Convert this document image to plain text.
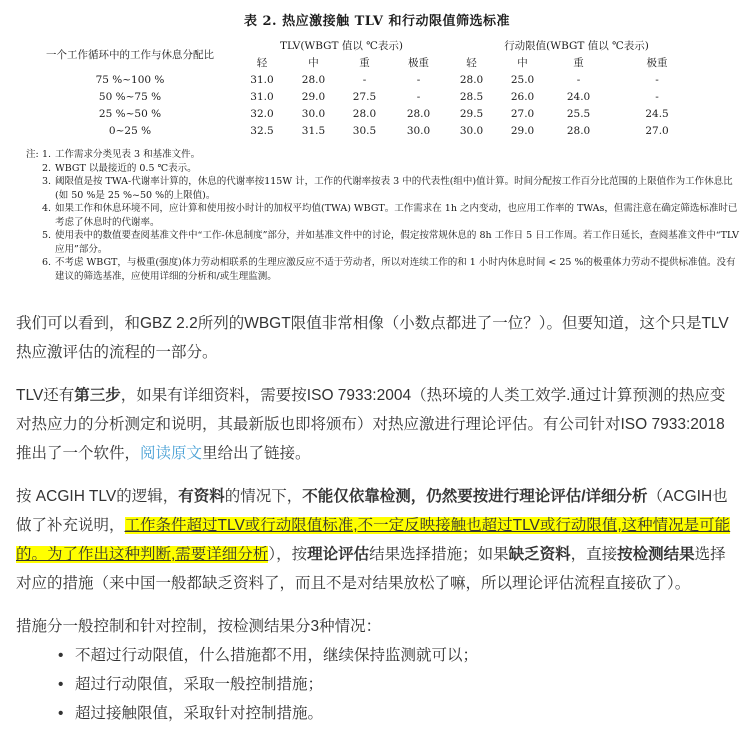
表 2. 热应激接触 TLV 和行动限值筛选标准
一个工作循环中的工作与休息分配比	TLV(WBGT 值以 ℃表示)				行动限值(WBGT 值以 ℃表示)			
	轻	中	重	极重	轻	中	重	极重
75 %~100 %	31.0	28.0	-	-	28.0	25.0	-	-
50 %~75 %	31.0	29.0	27.5	-	28.5	26.0	24.0	-
25 %~50 %	32.0	30.0	28.0	28.0	29.5	27.0	25.5	24.5
0~25 %	32.5	31.5	30.5	30.0	30.0	29.0	28.0	27.0
注: 1. 工作需求分类见表 3 和基准文件。
2. WBGT 以最接近的 0.5 ℃表示。
3. 阈限值是按 TWA-代谢率计算的，休息的代谢率按115W 计，工作的代谢率按表 3 中的代表性(组中)值计算。时间分配按工作百分比范围的上限值作为工作休息比(如 50 %是 25 %~50 %的上限值)。
4. 如果工作和休息环境不同，应计算和使用按小时计的加权平均值(TWA) WBGT。工作需求在 1h 之内变动，也应用工作率的 TWAs，但需注意在确定筛选标准时已考虑了休息时的代谢率。
5. 使用表中的数值要查阅基准文件中“工作-休息制度”部分，并如基准文件中的讨论，假定按常规休息的 8h 工作日 5 日工作周。若工作日延长，查阅基准文件中“TLV 应用”部分。
6. 不考虑 WBGT，与极重(强度)体力劳动相联系的生理应激反应不适于劳动者，所以对连续工作的和 1 小时内休息时间 < 25 %的极重体力劳动不提供标准值。没有建议的筛选基准，应使用详细的分析和/或生理监测。

我们可以看到，和GBZ 2.2所列的WBGT限值非常相像（小数点都进了一位？）。但要知道，这个只是TLV热应激评估的流程的一部分。

TLV还有第三步，如果有详细资料，需要按ISO 7933:2004（热环境的人类工效学.通过计算预测的热应变对热应力的分析测定和说明，其最新版也即将颁布）对热应激进行理论评估。有公司针对ISO 7933:2018推出了一个软件，阅读原文里给出了链接。

按 ACGIH TLV的逻辑，有资料的情况下，不能仅依靠检测，仍然要按进行理论评估/详细分析（ACGIH也做了补充说明，工作条件超过TLV或行动限值标准,不一定反映接触也超过TLV或行动限值,这种情况是可能的。为了作出这种判断,需要详细分析），按理论评估结果选择措施；如果缺乏资料，直接按检测结果选择对应的措施（来中国一般都缺乏资料了，而且不是对结果放松了嘛，所以理论评估流程直接砍了）。

措施分一般控制和针对控制，按检测结果分3种情况：

• 不超过行动限值，什么措施都不用，继续保持监测就可以；
• 超过行动限值，采取一般控制措施；
• 超过接触限值，采取针对控制措施。
